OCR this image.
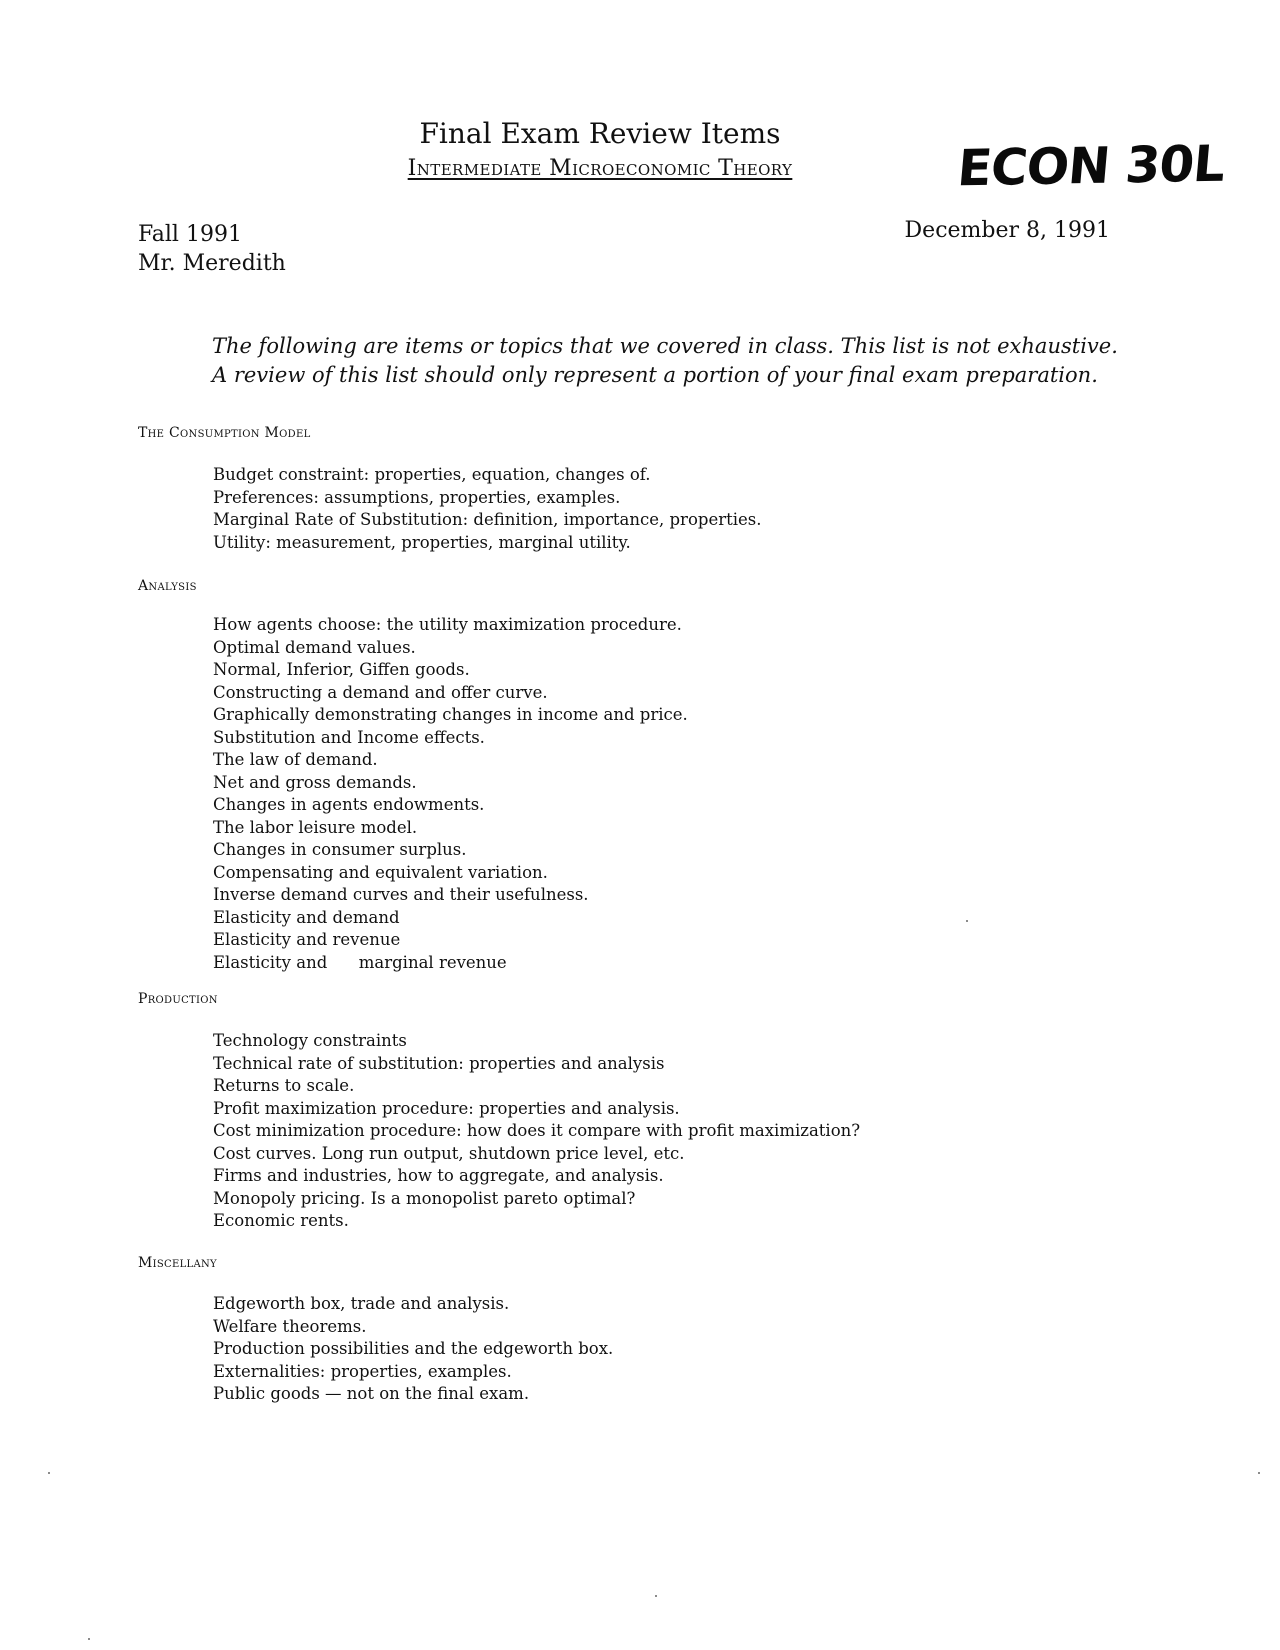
Final Exam Review Items
Intermediate Microeconomic Theory	ECON 30L
Fall 1991
Mr. Meredith
December 8, 1991
The following are items or topics that we covered in class. This list is not exhaustive.
A review of this list should only represent a portion of your final exam preparation.
The Consumption Model
Budget constraint: properties, equation, changes of.
Preferences: assumptions, properties, examples.
Marginal Rate of Substitution: definition, importance, properties.
Utility: measurement, properties, marginal utility.
Analysis
How agents choose: the utility maximization procedure.
Optimal demand values.
Normal, Inferior, Giffen goods.
Constructing a demand and offer curve.
Graphically demonstrating changes in income and price.
Substitution and Income effects.
The law of demand.
Net and gross demands.
Changes in agents endowments.
The labor leisure model.
Changes in consumer surplus.
Compensating and equivalent variation.
Inverse demand curves and their usefulness.
Elasticity and demand
Elasticity and revenue
Elasticity and      marginal revenue
Production
Technology constraints
Technical rate of substitution: properties and analysis
Returns to scale.
Profit maximization procedure: properties and analysis.
Cost minimization procedure: how does it compare with profit maximization?
Cost curves. Long run output, shutdown price level, etc.
Firms and industries, how to aggregate, and analysis.
Monopoly pricing. Is a monopolist pareto optimal?
Economic rents.
Miscellany
Edgeworth box, trade and analysis.
Welfare theorems.
Production possibilities and the edgeworth box.
Externalities: properties, examples.
Public goods — not on the final exam.
